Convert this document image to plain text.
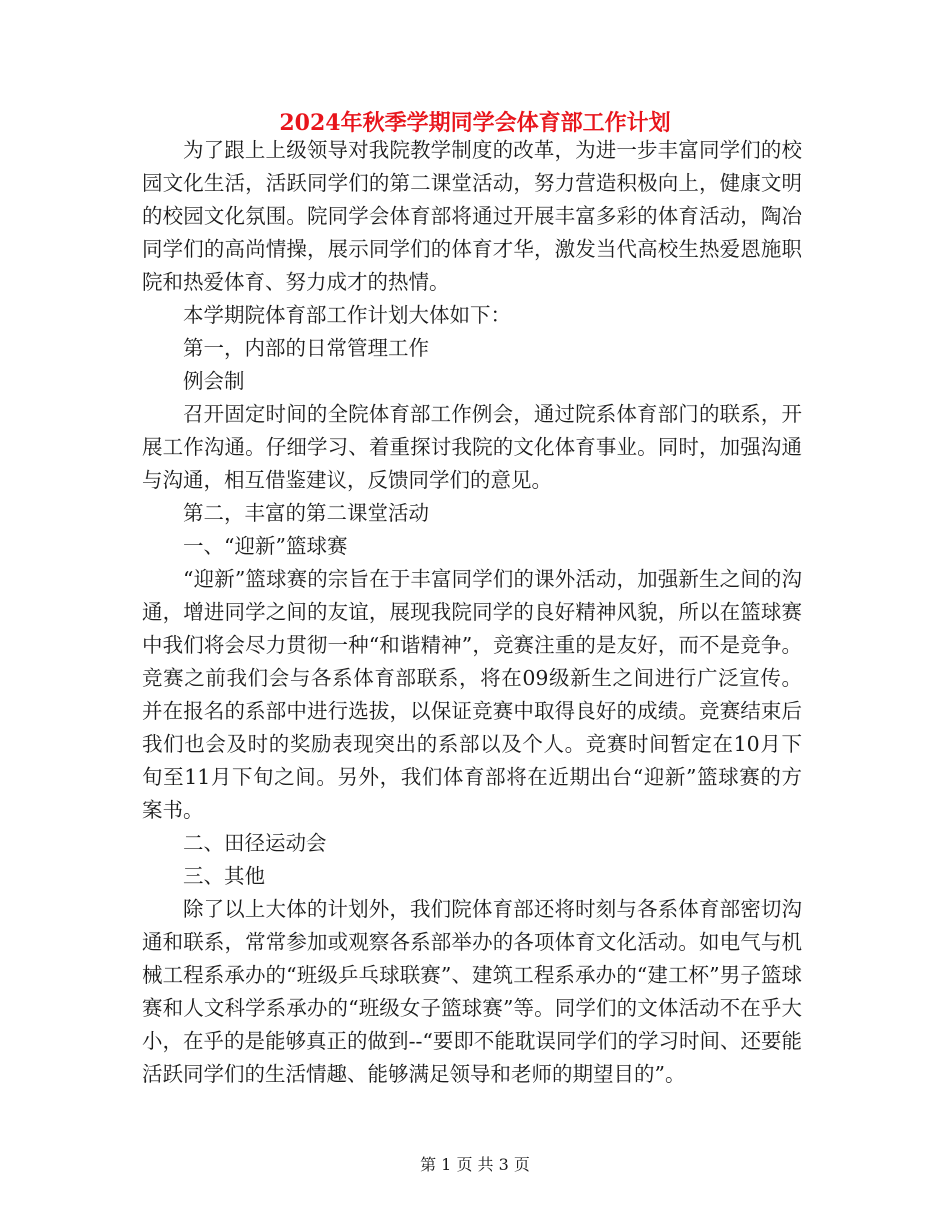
2024年秋季学期同学会体育部工作计划

为了跟上上级领导对我院教学制度的改革，为进一步丰富同学们的校园文化生活，活跃同学们的第二课堂活动，努力营造积极向上，健康文明的校园文化氛围。院同学会体育部将通过开展丰富多彩的体育活动，陶冶同学们的高尚情操，展示同学们的体育才华，激发当代高校生热爱恩施职院和热爱体育、努力成才的热情。

本学期院体育部工作计划大体如下：

第一，内部的日常管理工作

例会制

召开固定时间的全院体育部工作例会，通过院系体育部门的联系，开展工作沟通。仔细学习、着重探讨我院的文化体育事业。同时，加强沟通与沟通，相互借鉴建议，反馈同学们的意见。

第二，丰富的第二课堂活动

一、“迎新”篮球赛

“迎新”篮球赛的宗旨在于丰富同学们的课外活动，加强新生之间的沟通，增进同学之间的友谊，展现我院同学的良好精神风貌，所以在篮球赛中我们将会尽力贯彻一种“和谐精神”，竞赛注重的是友好，而不是竞争。竞赛之前我们会与各系体育部联系，将在09级新生之间进行广泛宣传。并在报名的系部中进行选拔，以保证竞赛中取得良好的成绩。竞赛结束后我们也会及时的奖励表现突出的系部以及个人。竞赛时间暂定在10月下旬至11月下旬之间。另外，我们体育部将在近期出台“迎新”篮球赛的方案书。

二、田径运动会

三、其他

除了以上大体的计划外，我们院体育部还将时刻与各系体育部密切沟通和联系，常常参加或观察各系部举办的各项体育文化活动。如电气与机械工程系承办的“班级乒乓球联赛”、建筑工程系承办的“建工杯”男子篮球赛和人文科学系承办的“班级女子篮球赛”等。同学们的文体活动不在乎大小，在乎的是能够真正的做到--“要即不能耽误同学们的学习时间、还要能活跃同学们的生活情趣、能够满足领导和老师的期望目的”。

第 1 页 共 3 页
